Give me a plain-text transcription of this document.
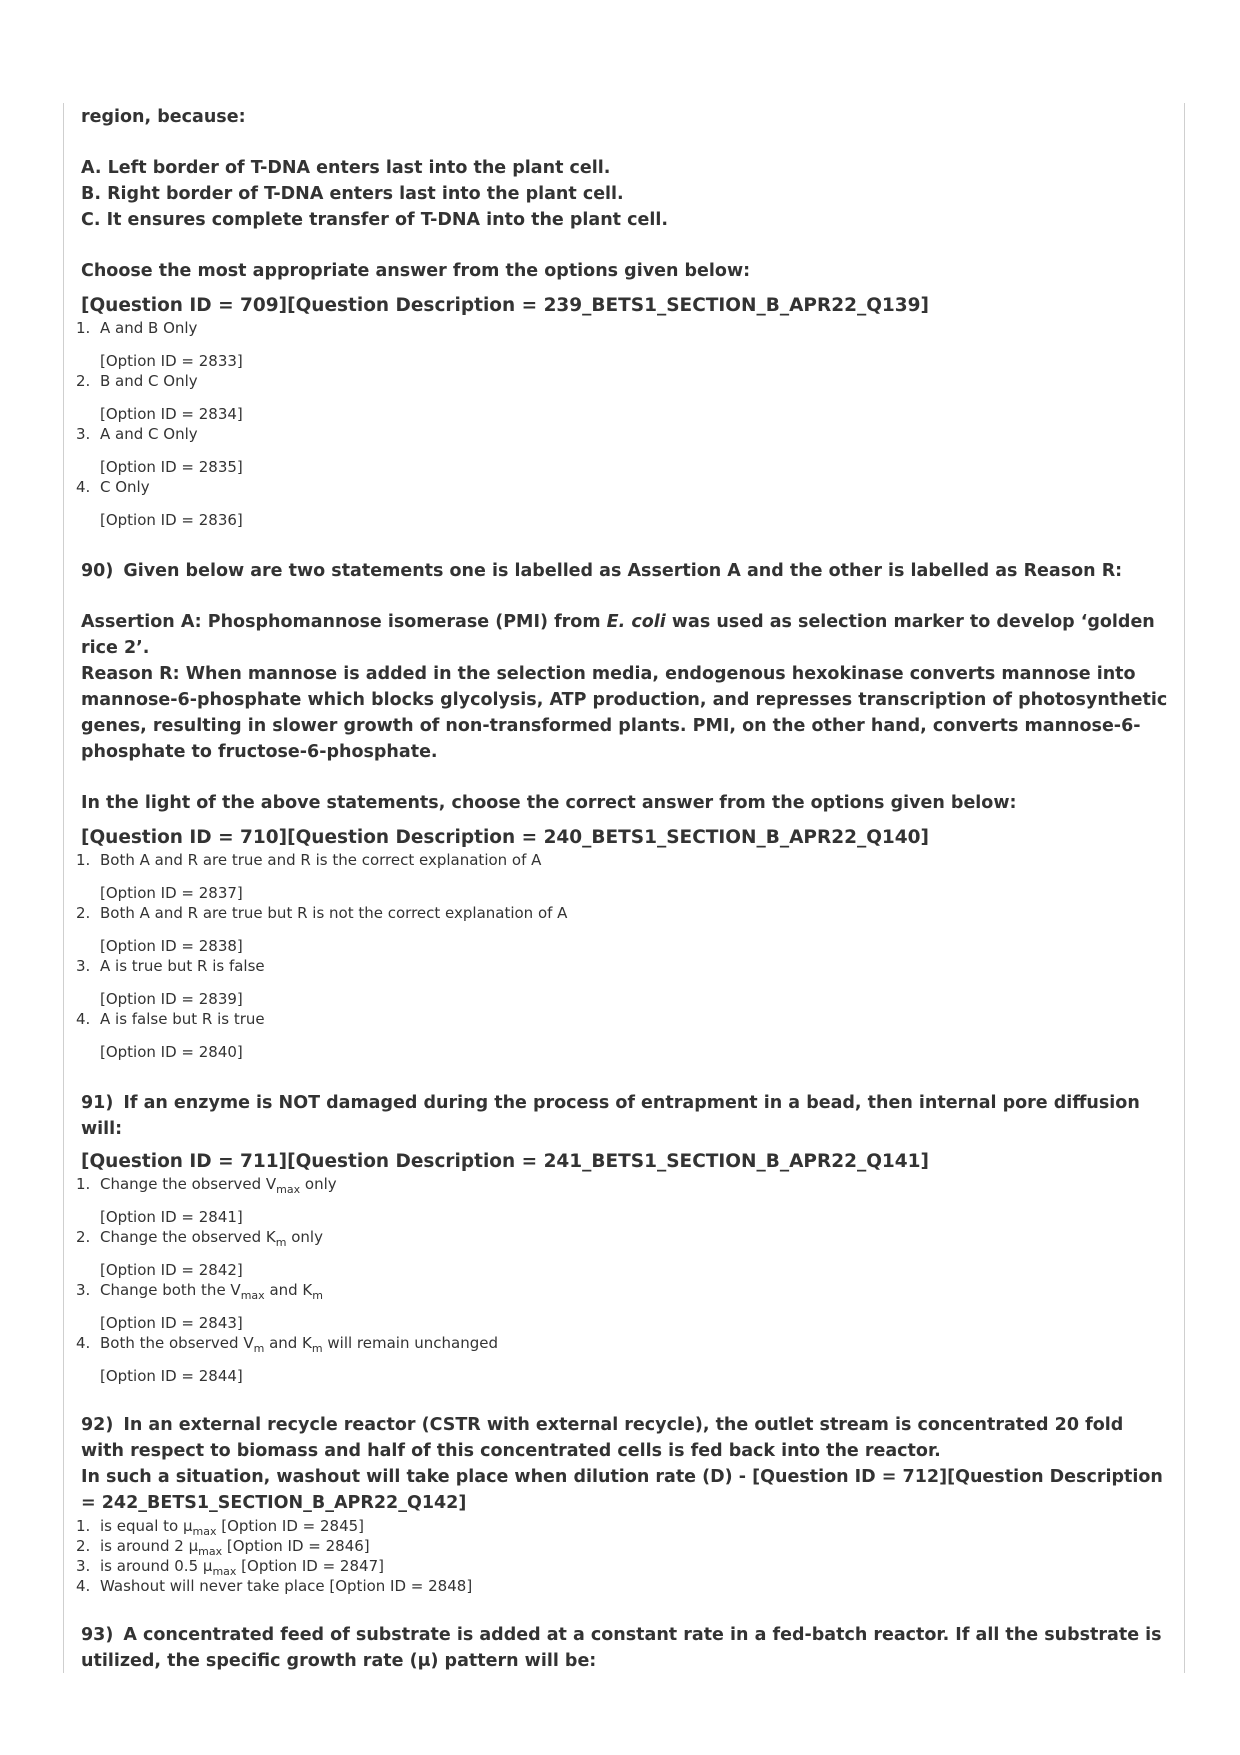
region, because:

A. Left border of T-DNA enters last into the plant cell.

B. Right border of T-DNA enters last into the plant cell.

C. It ensures complete transfer of T-DNA into the plant cell.

Choose the most appropriate answer from the options given below:

[Question ID = 709][Question Description = 239_BETS1_SECTION_B_APR22_Q139]

1. A and B Only
[Option ID = 2833]
2. B and C Only
[Option ID = 2834]
3. A and C Only
[Option ID = 2835]
4. C Only
[Option ID = 2836]

90) Given below are two statements one is labelled as Assertion A and the other is labelled as Reason R:

Assertion A: Phosphomannose isomerase (PMI) from E. coli was used as selection marker to develop ‘golden rice 2’.

Reason R: When mannose is added in the selection media, endogenous hexokinase converts mannose into mannose-6-phosphate which blocks glycolysis, ATP production, and represses transcription of photosynthetic genes, resulting in slower growth of non-transformed plants. PMI, on the other hand, converts mannose-6-phosphate to fructose-6-phosphate.

In the light of the above statements, choose the correct answer from the options given below:

[Question ID = 710][Question Description = 240_BETS1_SECTION_B_APR22_Q140]

1. Both A and R are true and R is the correct explanation of A
[Option ID = 2837]
2. Both A and R are true but R is not the correct explanation of A
[Option ID = 2838]
3. A is true but R is false
[Option ID = 2839]
4. A is false but R is true
[Option ID = 2840]

91) If an enzyme is NOT damaged during the process of entrapment in a bead, then internal pore diffusion will:

[Question ID = 711][Question Description = 241_BETS1_SECTION_B_APR22_Q141]

1. Change the observed $V_{max}$ only
[Option ID = 2841]
2. Change the observed $K_m$ only
[Option ID = 2842]
3. Change both the $V_{max}$ and $K_m$
[Option ID = 2843]
4. Both the observed $V_m$ and $K_m$ will remain unchanged
[Option ID = 2844]

92) In an external recycle reactor (CSTR with external recycle), the outlet stream is concentrated 20 fold with respect to biomass and half of this concentrated cells is fed back into the reactor.

In such a situation, washout will take place when dilution rate (D) - [Question ID = 712][Question Description = 242_BETS1_SECTION_B_APR22_Q142]

1. is equal to $\mu_{max}$ [Option ID = 2845]
2. is around 2 $\mu_{max}$ [Option ID = 2846]
3. is around 0.5 $\mu_{max}$ [Option ID = 2847]
4. Washout will never take place [Option ID = 2848]

93) A concentrated feed of substrate is added at a constant rate in a fed-batch reactor. If all the substrate is utilized, the specific growth rate (μ) pattern will be:
